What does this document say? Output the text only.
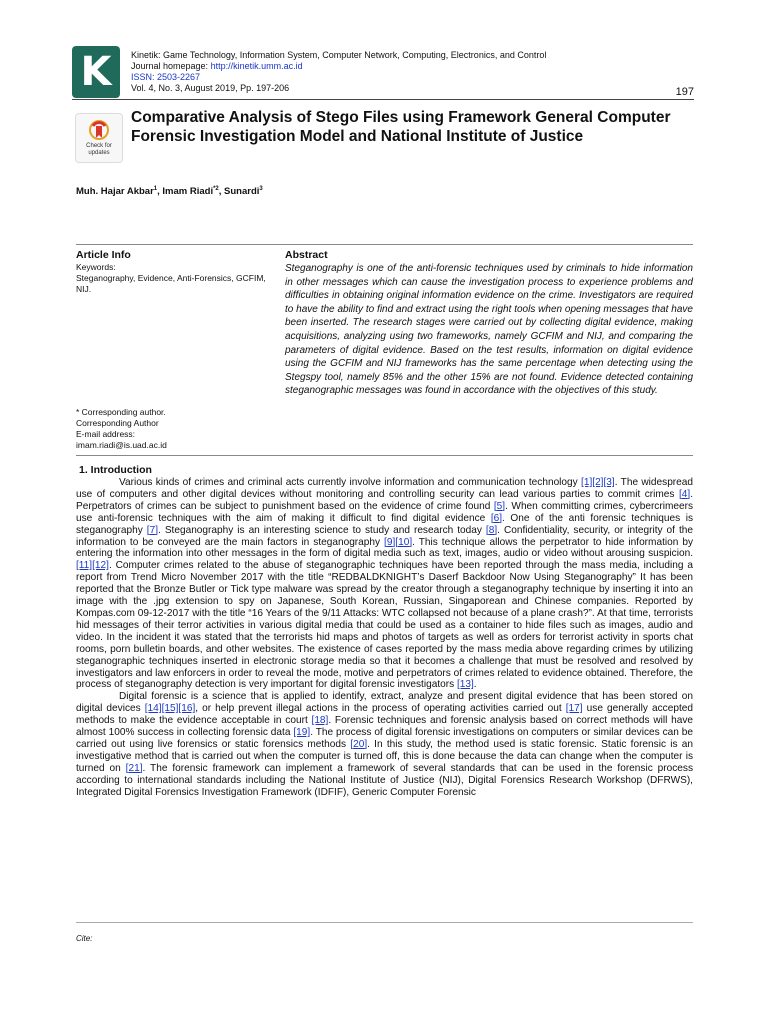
K Kinetik: Game Technology, Information System, Computer Network, Computing, Electronics, and Control
Journal homepage: http://kinetik.umm.ac.id
ISSN: 2503-2267
Vol. 4, No. 3, August 2019, Pp. 197-206	197
Check for
updates
Comparative Analysis of Stego Files using Framework General Computer Forensic Investigation Model and National Institute of Justice
Muh. Hajar Akbar$^1$, Imam Riadi$^{*2}$, Sunardi$^3$
Article Info
Keywords:
Steganography, Evidence, Anti-Forensics, GCFIM, NIJ.
Abstract
Steganography is one of the anti-forensic techniques used by criminals to hide information in other messages which can cause the investigation process to experience problems and difficulties in obtaining original information evidence on the crime. Investigators are required to have the ability to find and extract using the right tools when opening messages that have been inserted. The research stages were carried out by collecting digital evidence, making acquisitions, analyzing using two frameworks, namely GCFIM and NIJ, and comparing the parameters of digital evidence. Based on the test results, information on digital evidence using the GCFIM and NIJ frameworks has the same percentage when detecting using the Stegspy tool, namely 85% and the other 15% are not found. Evidence detected containing steganographic messages was found in accordance with the objectives of this study.
* Corresponding author.
Corresponding Author
E-mail address:
imam.riadi@is.uad.ac.id
1. Introduction

Various kinds of crimes and criminal acts currently involve information and communication technology [1][2][3]. The widespread use of computers and other digital devices without monitoring and controlling security can lead various parties to commit crimes [4]. Perpetrators of crimes can be subject to punishment based on the evidence of crime found [5]. When committing crimes, cybercrimeers use anti-forensic techniques with the aim of making it difficult to find digital evidence [6]. One of the anti forensic techniques is steganography [7]. Steganography is an interesting science to study and research today [8]. Confidentiality, security, or integrity of the information to be conveyed are the main factors in steganography [9][10]. This technique allows the perpetrator to hide information by entering the information into other messages in the form of digital media such as text, images, audio or video without arousing suspicion. [11][12]. Computer crimes related to the abuse of steganographic techniques have been reported through the mass media, including a report from Trend Micro November 2017 with the title “REDBALDKNIGHT’s Daserf Backdoor Now Using Steganography” It has been reported that the Bronze Butler or Tick type malware was spread by the creator through a steganography technique by inserting it into an image with the .jpg extension to spy on Japanese, South Korean, Russian, Singaporean and Chinese companies. Reported by Kompas.com 09-12-2017 with the title “16 Years of the 9/11 Attacks: WTC collapsed not because of a plane crash?”. At that time, terrorists hid messages of their terror activities in various digital media that could be used as a container to hide files such as images, audio and video. In the incident it was stated that the terrorists hid maps and photos of targets as well as orders for terrorist activity in sports chat rooms, porn bulletin boards, and other websites. The existence of cases reported by the mass media above regarding crimes by utilizing steganographic techniques inserted in electronic storage media so that it becomes a challenge that must be resolved and resolved by investigators and law enforcers in order to reveal the mode, motive and perpetrators of crimes related to evidence obtained. Therefore, the process of steganography detection is very important for digital forensic investigators [13].

Digital forensic is a science that is applied to identify, extract, analyze and present digital evidence that has been stored on digital devices [14][15][16], or help prevent illegal actions in the process of operating activities carried out [17] use generally accepted methods to make the evidence acceptable in court [18]. Forensic techniques and forensic analysis based on correct methods will have almost 100% success in collecting forensic data [19]. The process of digital forensic investigations on computers or similar devices can be carried out using live forensics or static forensics methods [20]. In this study, the method used is static forensic. Static forensic is an investigative method that is carried out when the computer is turned off, this is done because the data can change when the computer is turned on [21]. The forensic framework can implement a framework of several standards that can be used in the forensic process according to international standards including the National Institute of Justice (NIJ), Digital Forensics Research Workshop (DFRWS), Integrated Digital Forensics Investigation Framework (IDFIF), Generic Computer Forensic

Cite:
